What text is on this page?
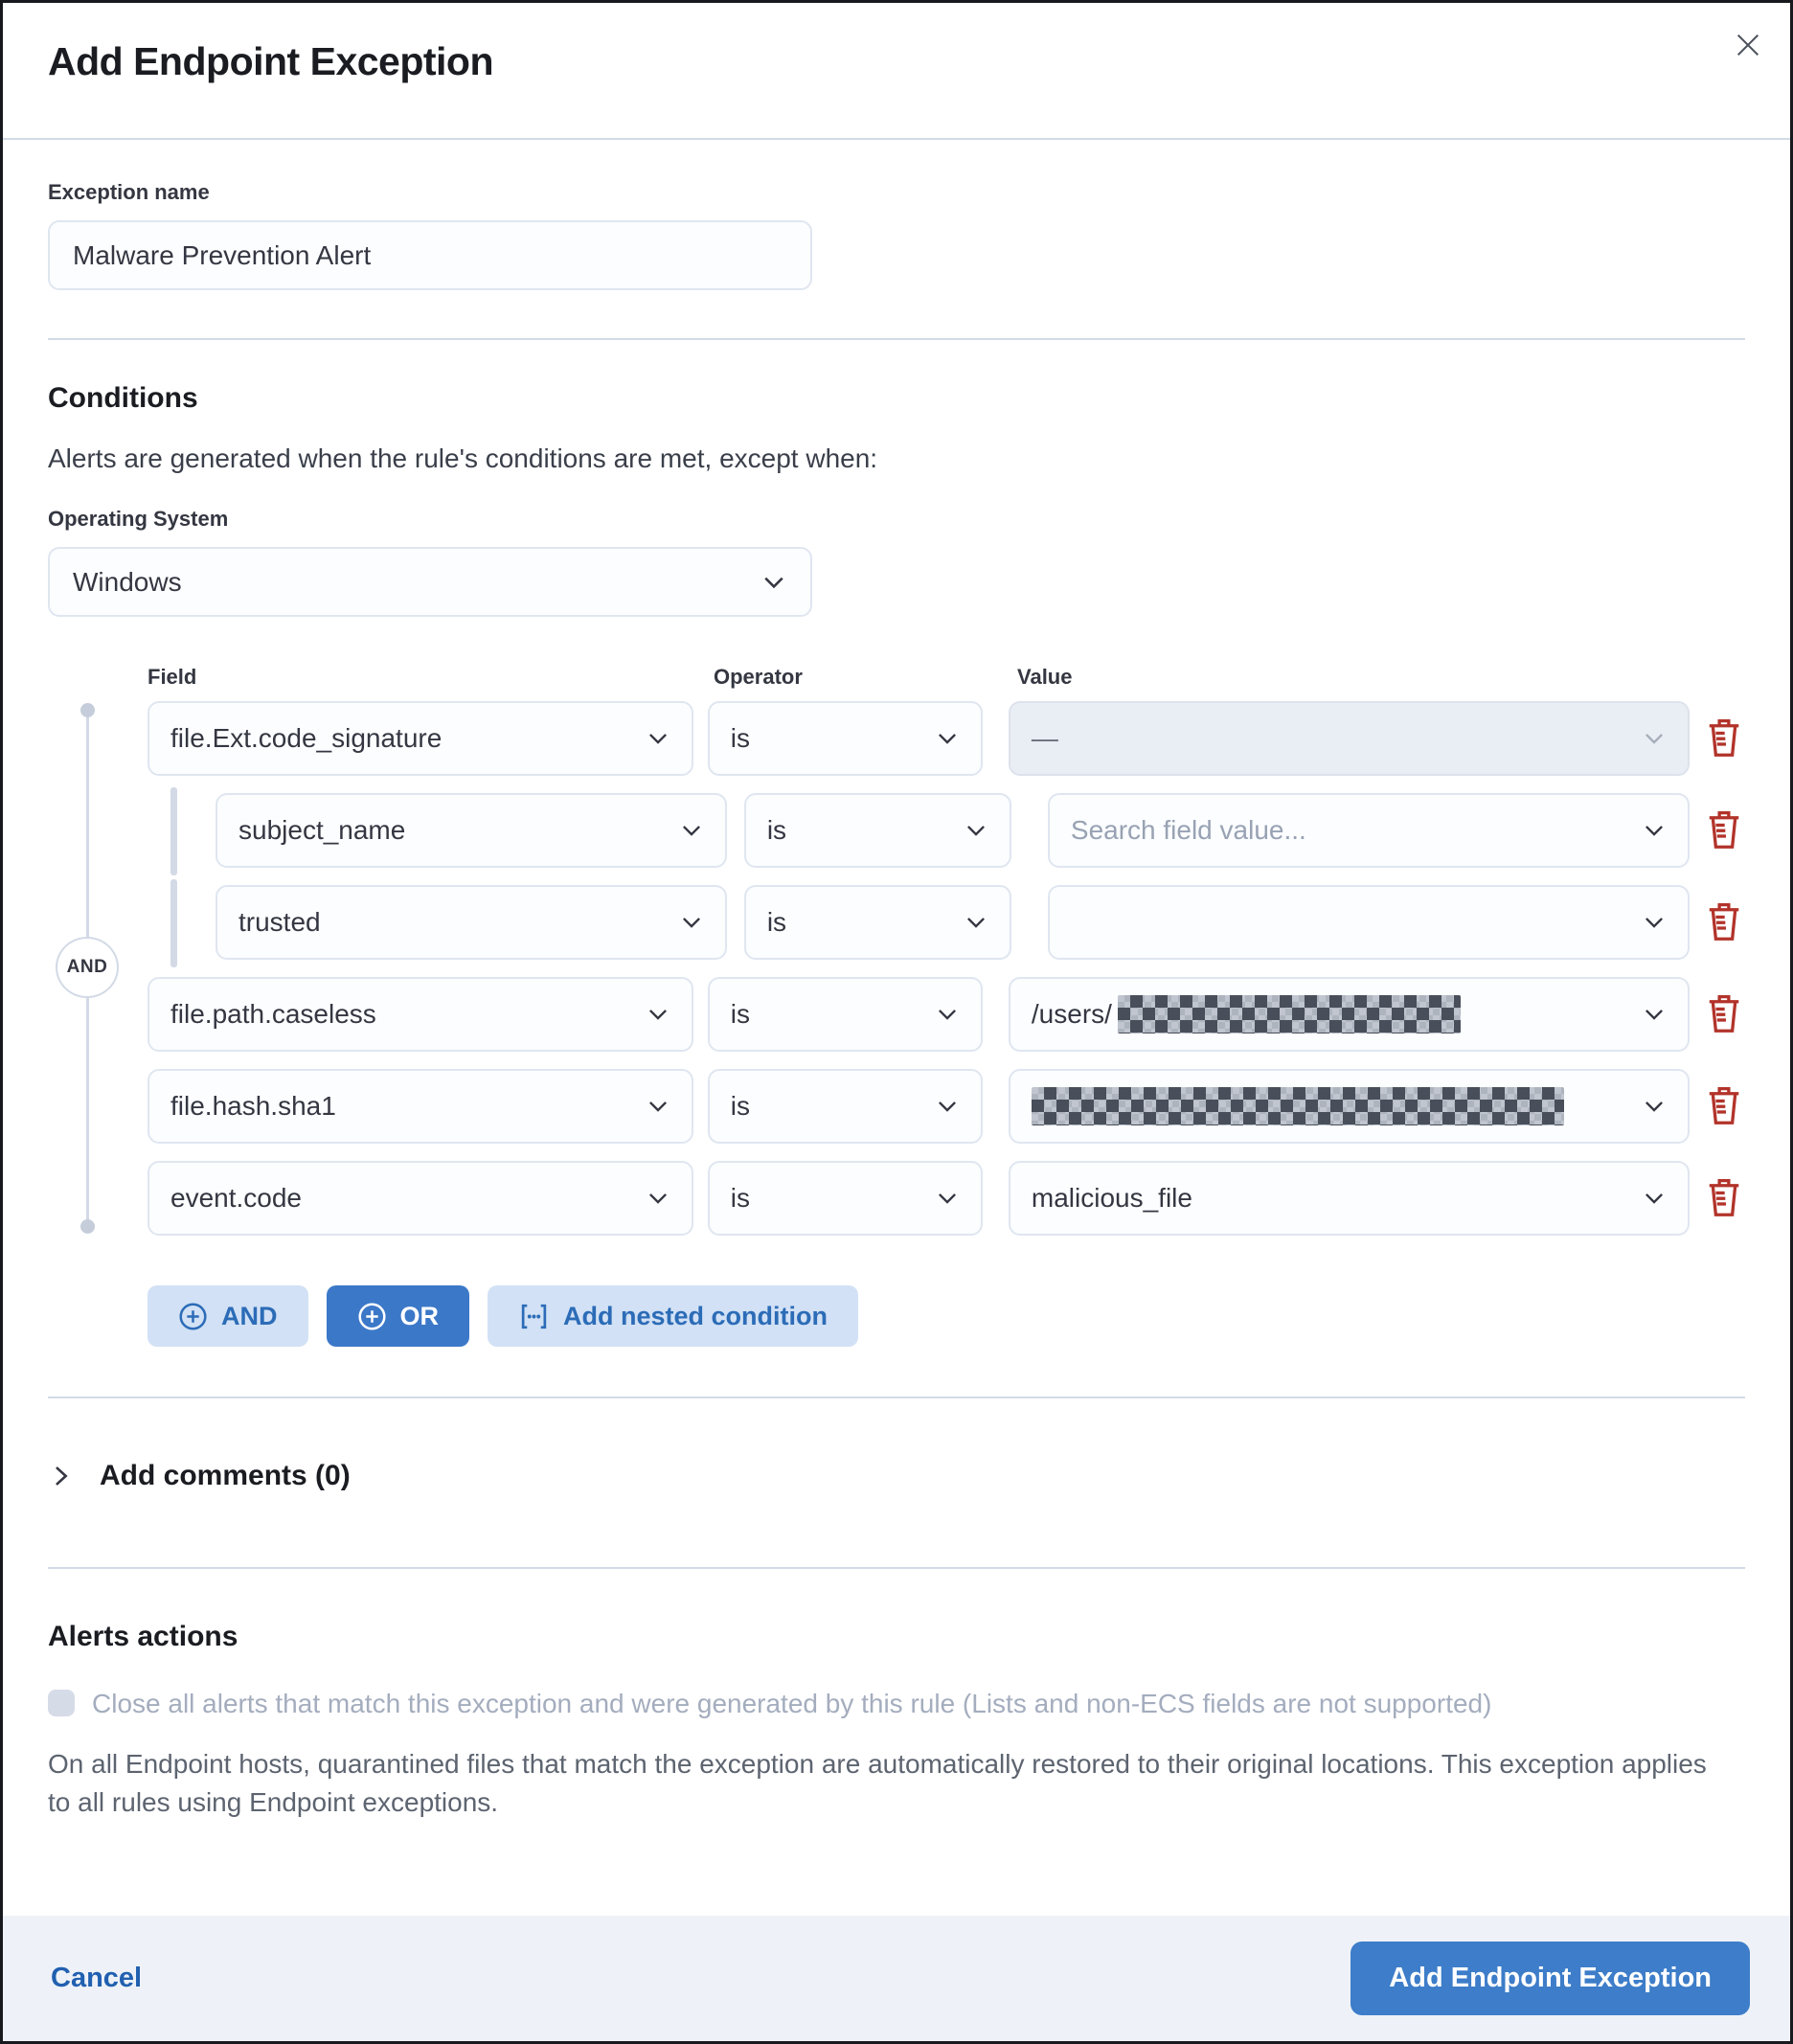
Add Endpoint Exception
Exception name
Malware Prevention Alert
Conditions
Alerts are generated when the rule's conditions are met, except when:
Operating System
Windows
Field	Operator	Value
AND
file.Ext.code_signature	is	—
subject_name	is	Search field value...
trusted	is
file.path.caseless	is	/users/
file.hash.sha1	is
event.code	is	malicious_file
AND	OR	Add nested condition
Add comments (0)
Alerts actions
Close all alerts that match this exception and were generated by this rule (Lists and non-ECS fields are not supported)
On all Endpoint hosts, quarantined files that match the exception are automatically restored to their original locations. This exception applies to all rules using Endpoint exceptions.
Cancel	Add Endpoint Exception
